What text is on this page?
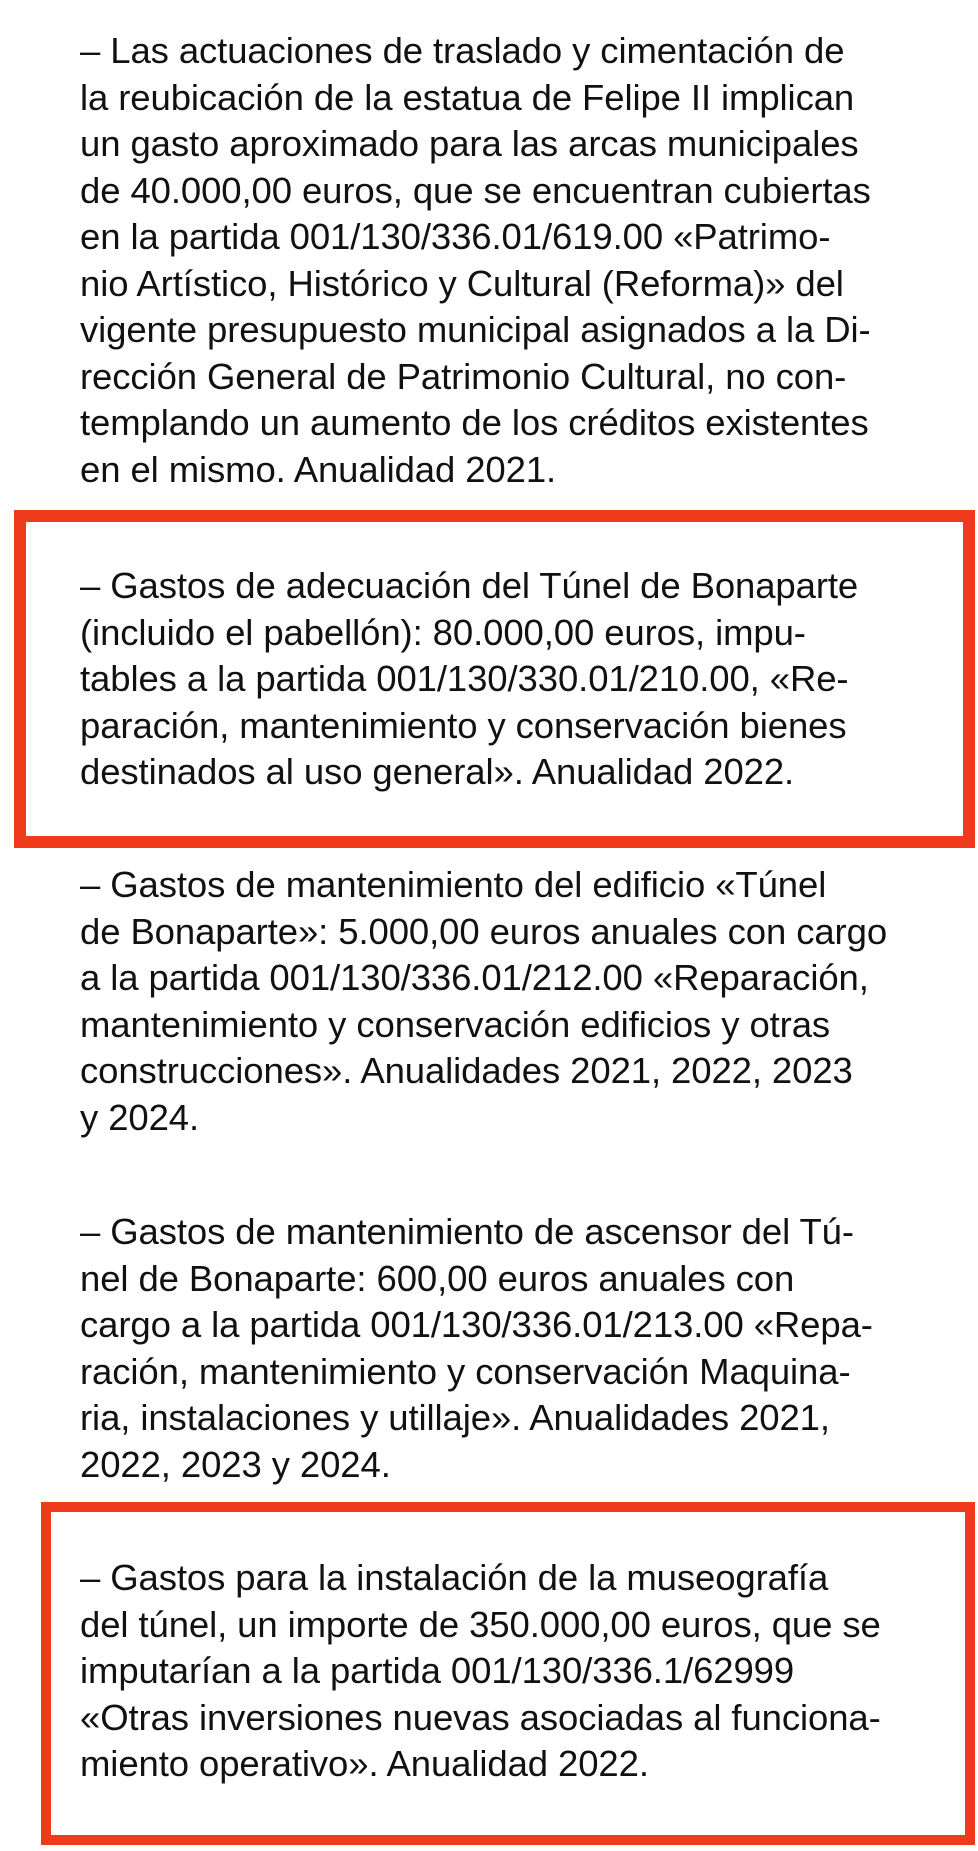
– Las actuaciones de traslado y cimentación de
la reubicación de la estatua de Felipe II implican
un gasto aproximado para las arcas municipales
de 40.000,00 euros, que se encuentran cubiertas
en la partida 001/130/336.01/619.00 «Patrimo-
nio Artístico, Histórico y Cultural (Reforma)» del
vigente presupuesto municipal asignados a la Di-
rección General de Patrimonio Cultural, no con-
templando un aumento de los créditos existentes
en el mismo. Anualidad 2021.

– Gastos de adecuación del Túnel de Bonaparte
(incluido el pabellón): 80.000,00 euros, impu-
tables a la partida 001/130/330.01/210.00, «Re-
paración, mantenimiento y conservación bienes
destinados al uso general». Anualidad 2022.

– Gastos de mantenimiento del edificio «Túnel
de Bonaparte»: 5.000,00 euros anuales con cargo
a la partida 001/130/336.01/212.00 «Reparación,
mantenimiento y conservación edificios y otras
construcciones». Anualidades 2021, 2022, 2023
y 2024.

– Gastos de mantenimiento de ascensor del Tú-
nel de Bonaparte: 600,00 euros anuales con
cargo a la partida 001/130/336.01/213.00 «Repa-
ración, mantenimiento y conservación Maquina-
ria, instalaciones y utillaje». Anualidades 2021,
2022, 2023 y 2024.

– Gastos para la instalación de la museografía
del túnel, un importe de 350.000,00 euros, que se
imputarían a la partida 001/130/336.1/62999
«Otras inversiones nuevas asociadas al funciona-
miento operativo». Anualidad 2022.
